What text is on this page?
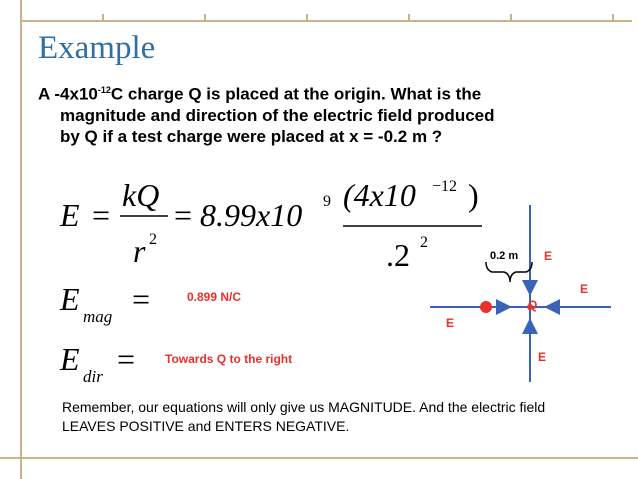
Example
A $-4x10^{-12}C$ charge Q is placed at the origin. What is the
magnitude and direction of the electric field produced
by Q if a test charge were placed at x = -0.2 m ?
E =
kQ
r 2
= 8.99x10 9 (4x10 −12 )
.2 2
E mag =
E dir =
0.2 m
Q
E
E
E
E
0.899 N/C
Towards Q to the right
Remember, our equations will only give us MAGNITUDE. And the electric field LEAVES POSITIVE and ENTERS NEGATIVE.
